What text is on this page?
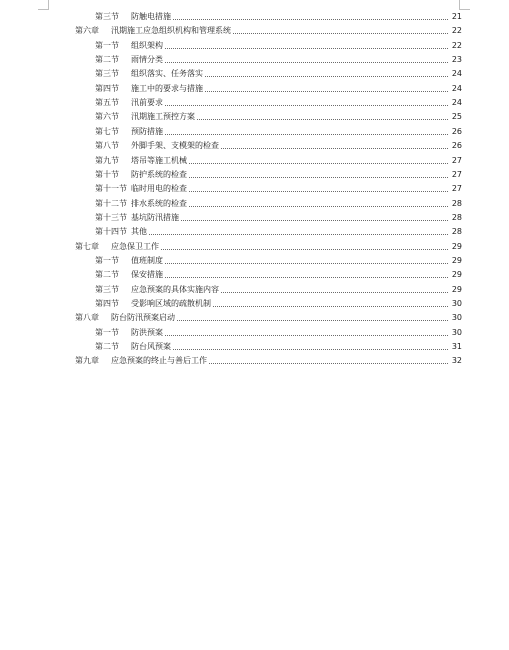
第三节	防触电措施	21
第六章	汛期施工应急组织机构和管理系统	22
第一节	组织架构	22
第二节	雨情分类	23
第三节	组织落实、任务落实	24
第四节	施工中的要求与措施	24
第五节	汛前要求	24
第六节	汛期施工预控方案	25
第七节	预防措施	26
第八节	外脚手架、支模架的检查	26
第九节	塔吊等施工机械	27
第十节	防护系统的检查	27
第十一节 临时用电的检查	27
第十二节 排水系统的检查	28
第十三节 基坑防汛措施	28
第十四节 其他	28
第七章	应急保卫工作	29
第一节	值班制度	29
第二节	保安措施	29
第三节	应急预案的具体实施内容	29
第四节	受影响区域的疏散机制	30
第八章	防台防汛预案启动	30
第一节	防洪预案	30
第二节	防台风预案	31
第九章	应急预案的终止与善后工作	32
